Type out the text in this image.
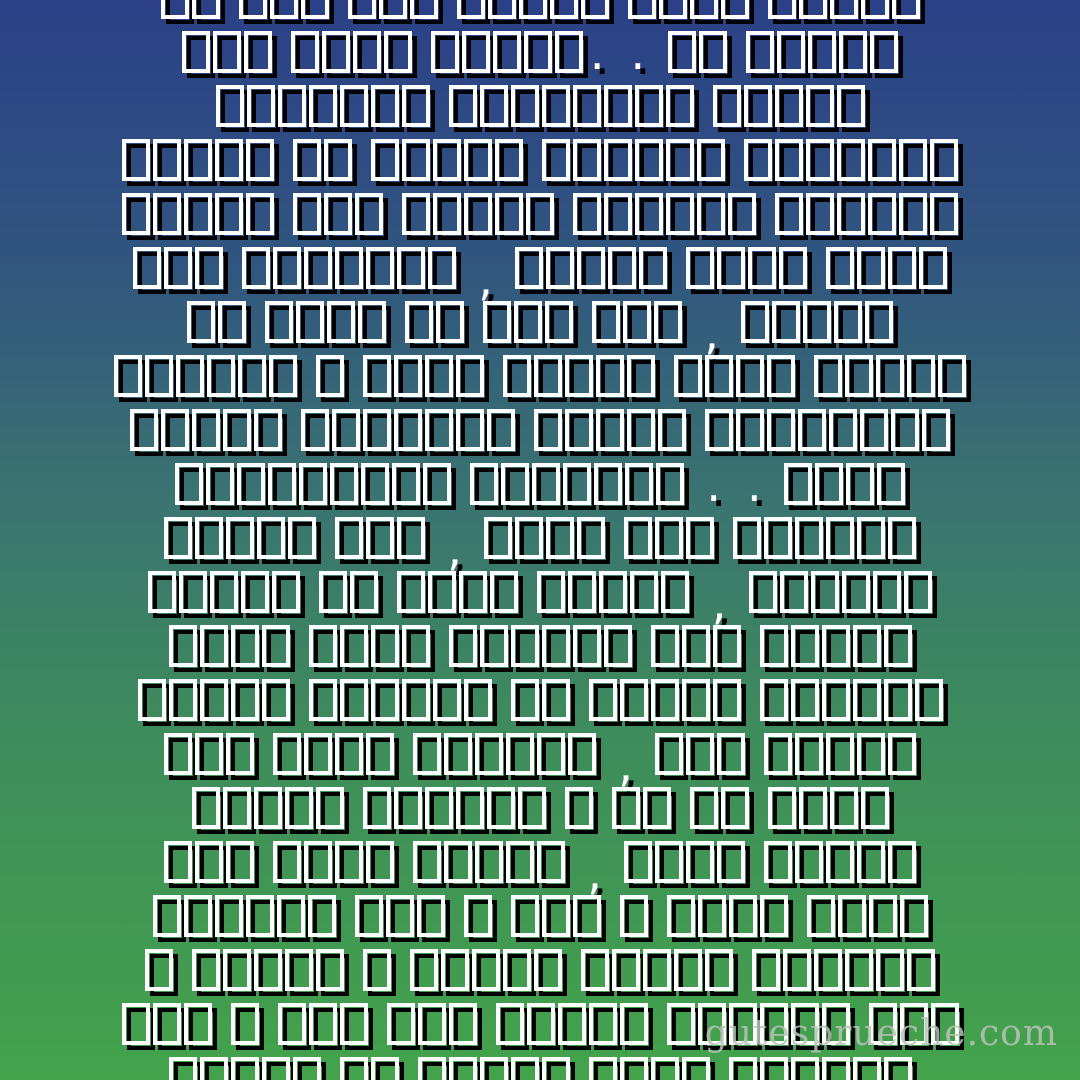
. .
,
,
. .
,
,
,
,
gutesprueche.com
